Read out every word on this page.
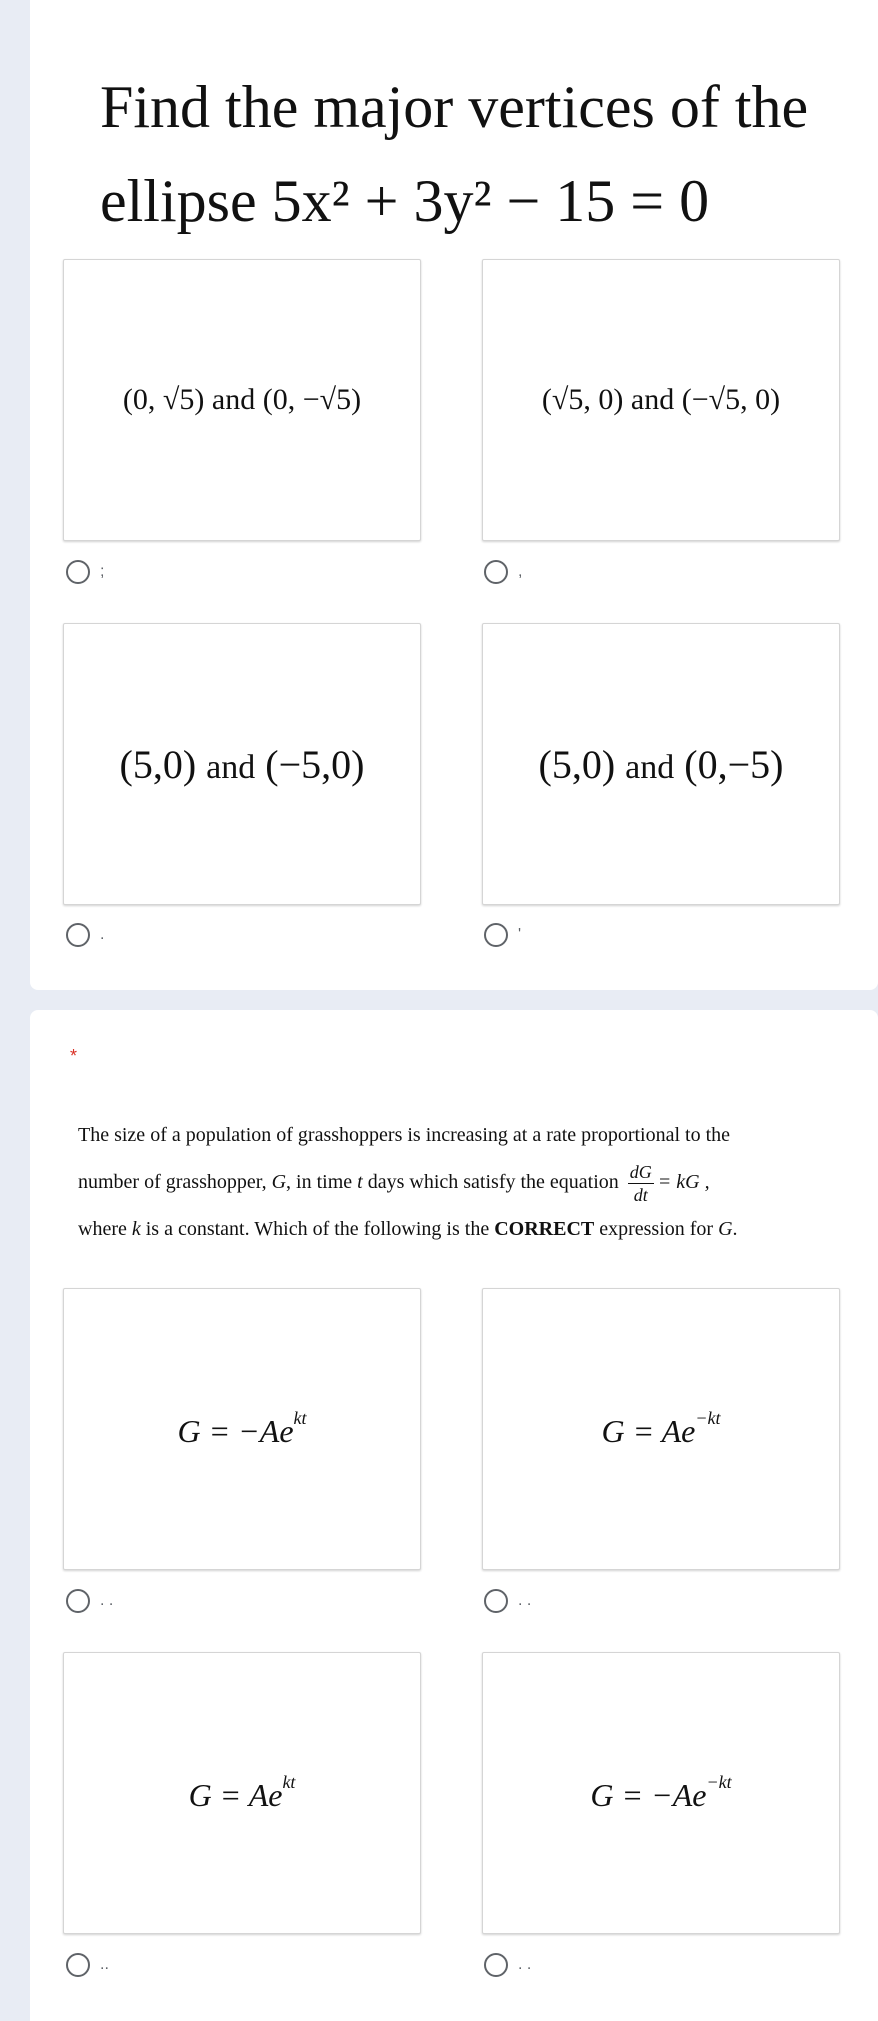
Find the major vertices of the ellipse 5x² + 3y² − 15 = 0
(0, √5) and (0, −√5)
;
(√5, 0) and (−√5, 0)
,
(5,0) and (−5,0)
.
(5,0) and (0,−5)
'
*
The size of a population of grasshoppers is increasing at a rate proportional to the
number of grasshopper, G, in time t days which satisfy the equation $\frac{dG}{dt}$ = kG ,
where k is a constant. Which of the following is the CORRECT expression for G.
$G = -Ae^{kt}$
. .
$G = Ae^{-kt}$
. .
$G = Ae^{kt}$
..
$G = -Ae^{-kt}$
. .
